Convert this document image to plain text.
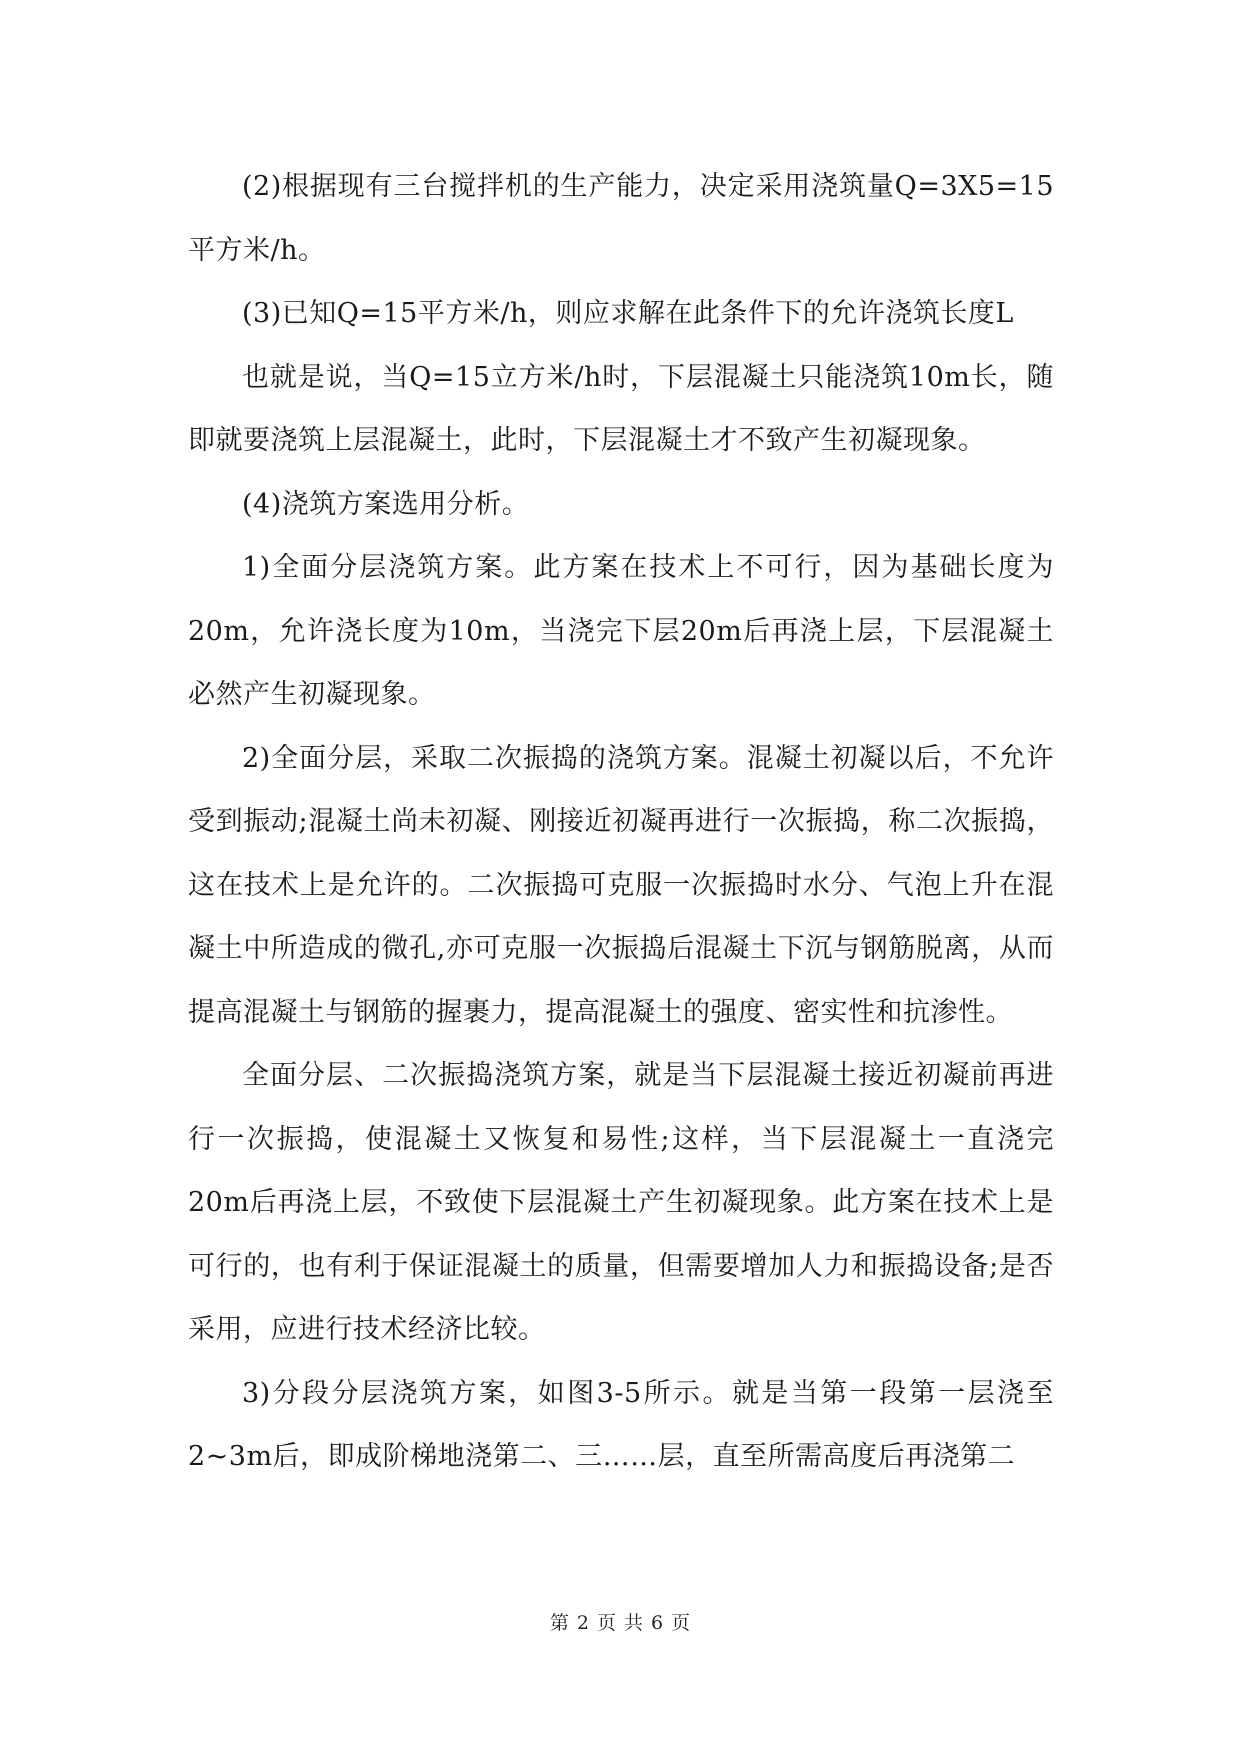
(2)根据现有三台搅拌机的生产能力，决定采用浇筑量Q=3X5=15平方米/h。

(3)已知Q=15平方米/h，则应求解在此条件下的允许浇筑长度L

也就是说，当Q=15立方米/h时，下层混凝土只能浇筑10m长，随即就要浇筑上层混凝土，此时，下层混凝土才不致产生初凝现象。

(4)浇筑方案选用分析。

1)全面分层浇筑方案。此方案在技术上不可行，因为基础长度为20m，允许浇长度为10m，当浇完下层20m后再浇上层，下层混凝土必然产生初凝现象。

2)全面分层，采取二次振捣的浇筑方案。混凝土初凝以后，不允许受到振动;混凝土尚未初凝、刚接近初凝再进行一次振捣，称二次振捣，这在技术上是允许的。二次振捣可克服一次振捣时水分、气泡上升在混凝土中所造成的微孔,亦可克服一次振捣后混凝土下沉与钢筋脱离，从而提高混凝土与钢筋的握裹力，提高混凝土的强度、密实性和抗渗性。

全面分层、二次振捣浇筑方案，就是当下层混凝土接近初凝前再进行一次振捣，使混凝土又恢复和易性;这样，当下层混凝土一直浇完20m后再浇上层，不致使下层混凝土产生初凝现象。此方案在技术上是可行的，也有利于保证混凝土的质量，但需要增加人力和振捣设备;是否采用，应进行技术经济比较。

3)分段分层浇筑方案，如图3-5所示。就是当第一段第一层浇至2~3m后，即成阶梯地浇第二、三……层，直至所需高度后再浇第二

第 2 页 共 6 页
